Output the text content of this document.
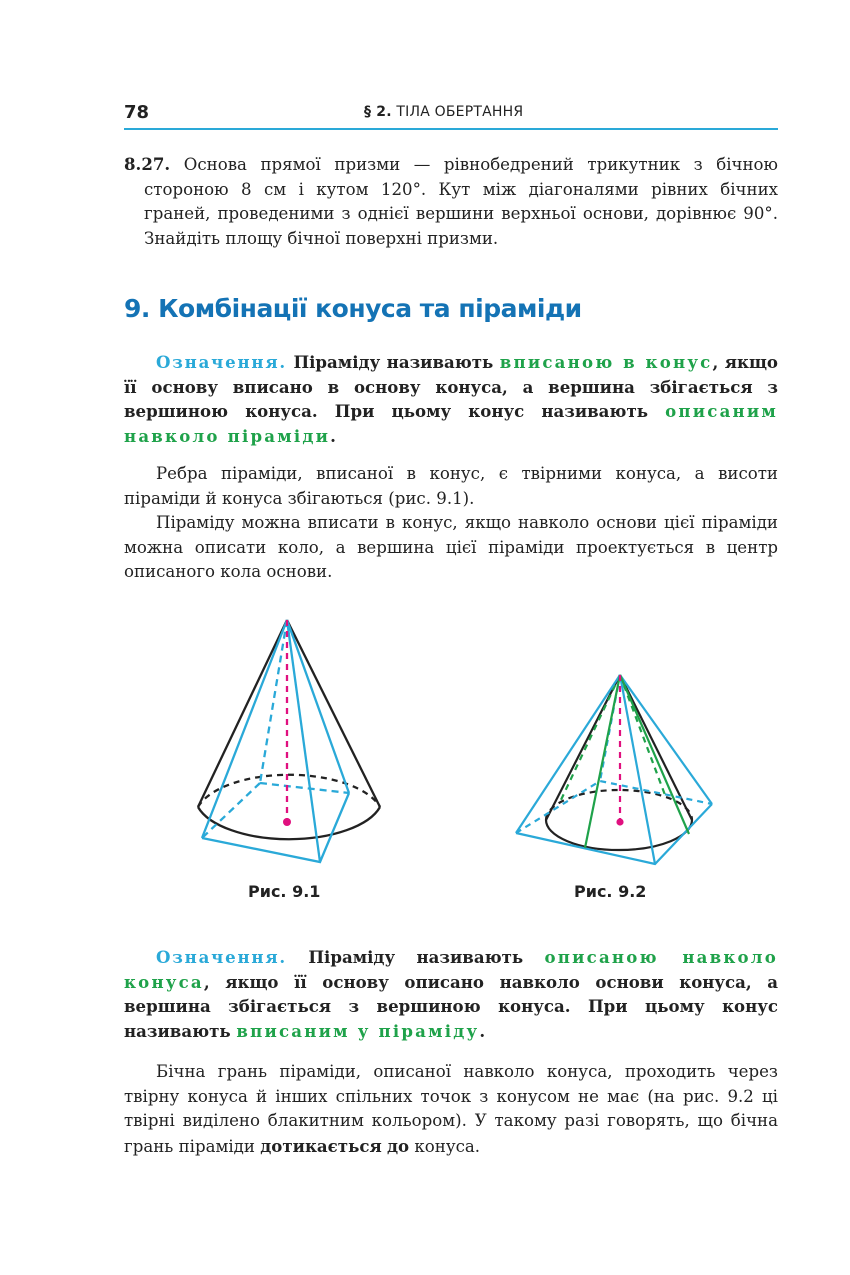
78	§ 2. ТІЛА ОБЕРТАННЯ
8.27. Основа прямої призми — рівнобедрений трикутник з бічною стороною 8 см і кутом 120°. Кут між діагоналями рівних бічних граней, проведеними з однієї вершини верхньої основи, дорівнює 90°. Знайдіть площу бічної поверхні призми.
9. Комбінації конуса та піраміди
Означення. Піраміду називають вписаною в конус, якщо її основу вписано в основу конуса, а вершина збігається з вершиною конуса. При цьому конус називають описаним навколо піраміди.
Ребра піраміди, вписаної в конус, є твірними конуса, а висоти піраміди й конуса збігаються (рис. 9.1).
Піраміду можна вписати в конус, якщо навколо основи цієї піраміди можна описати коло, а вершина цієї піраміди проектується в центр описаного кола основи.
Рис. 9.1	Рис. 9.2
Означення. Піраміду називають описаною навколо конуса, якщо її основу описано навколо основи конуса, а вершина збігається з вершиною конуса. При цьому конус називають вписаним у піраміду.
Бічна грань піраміди, описаної навколо конуса, проходить через твірну конуса й інших спільних точок з конусом не має (на рис. 9.2 ці твірні виділено блакитним кольором). У такому разі говорять, що бічна грань піраміди дотикається до конуса.
